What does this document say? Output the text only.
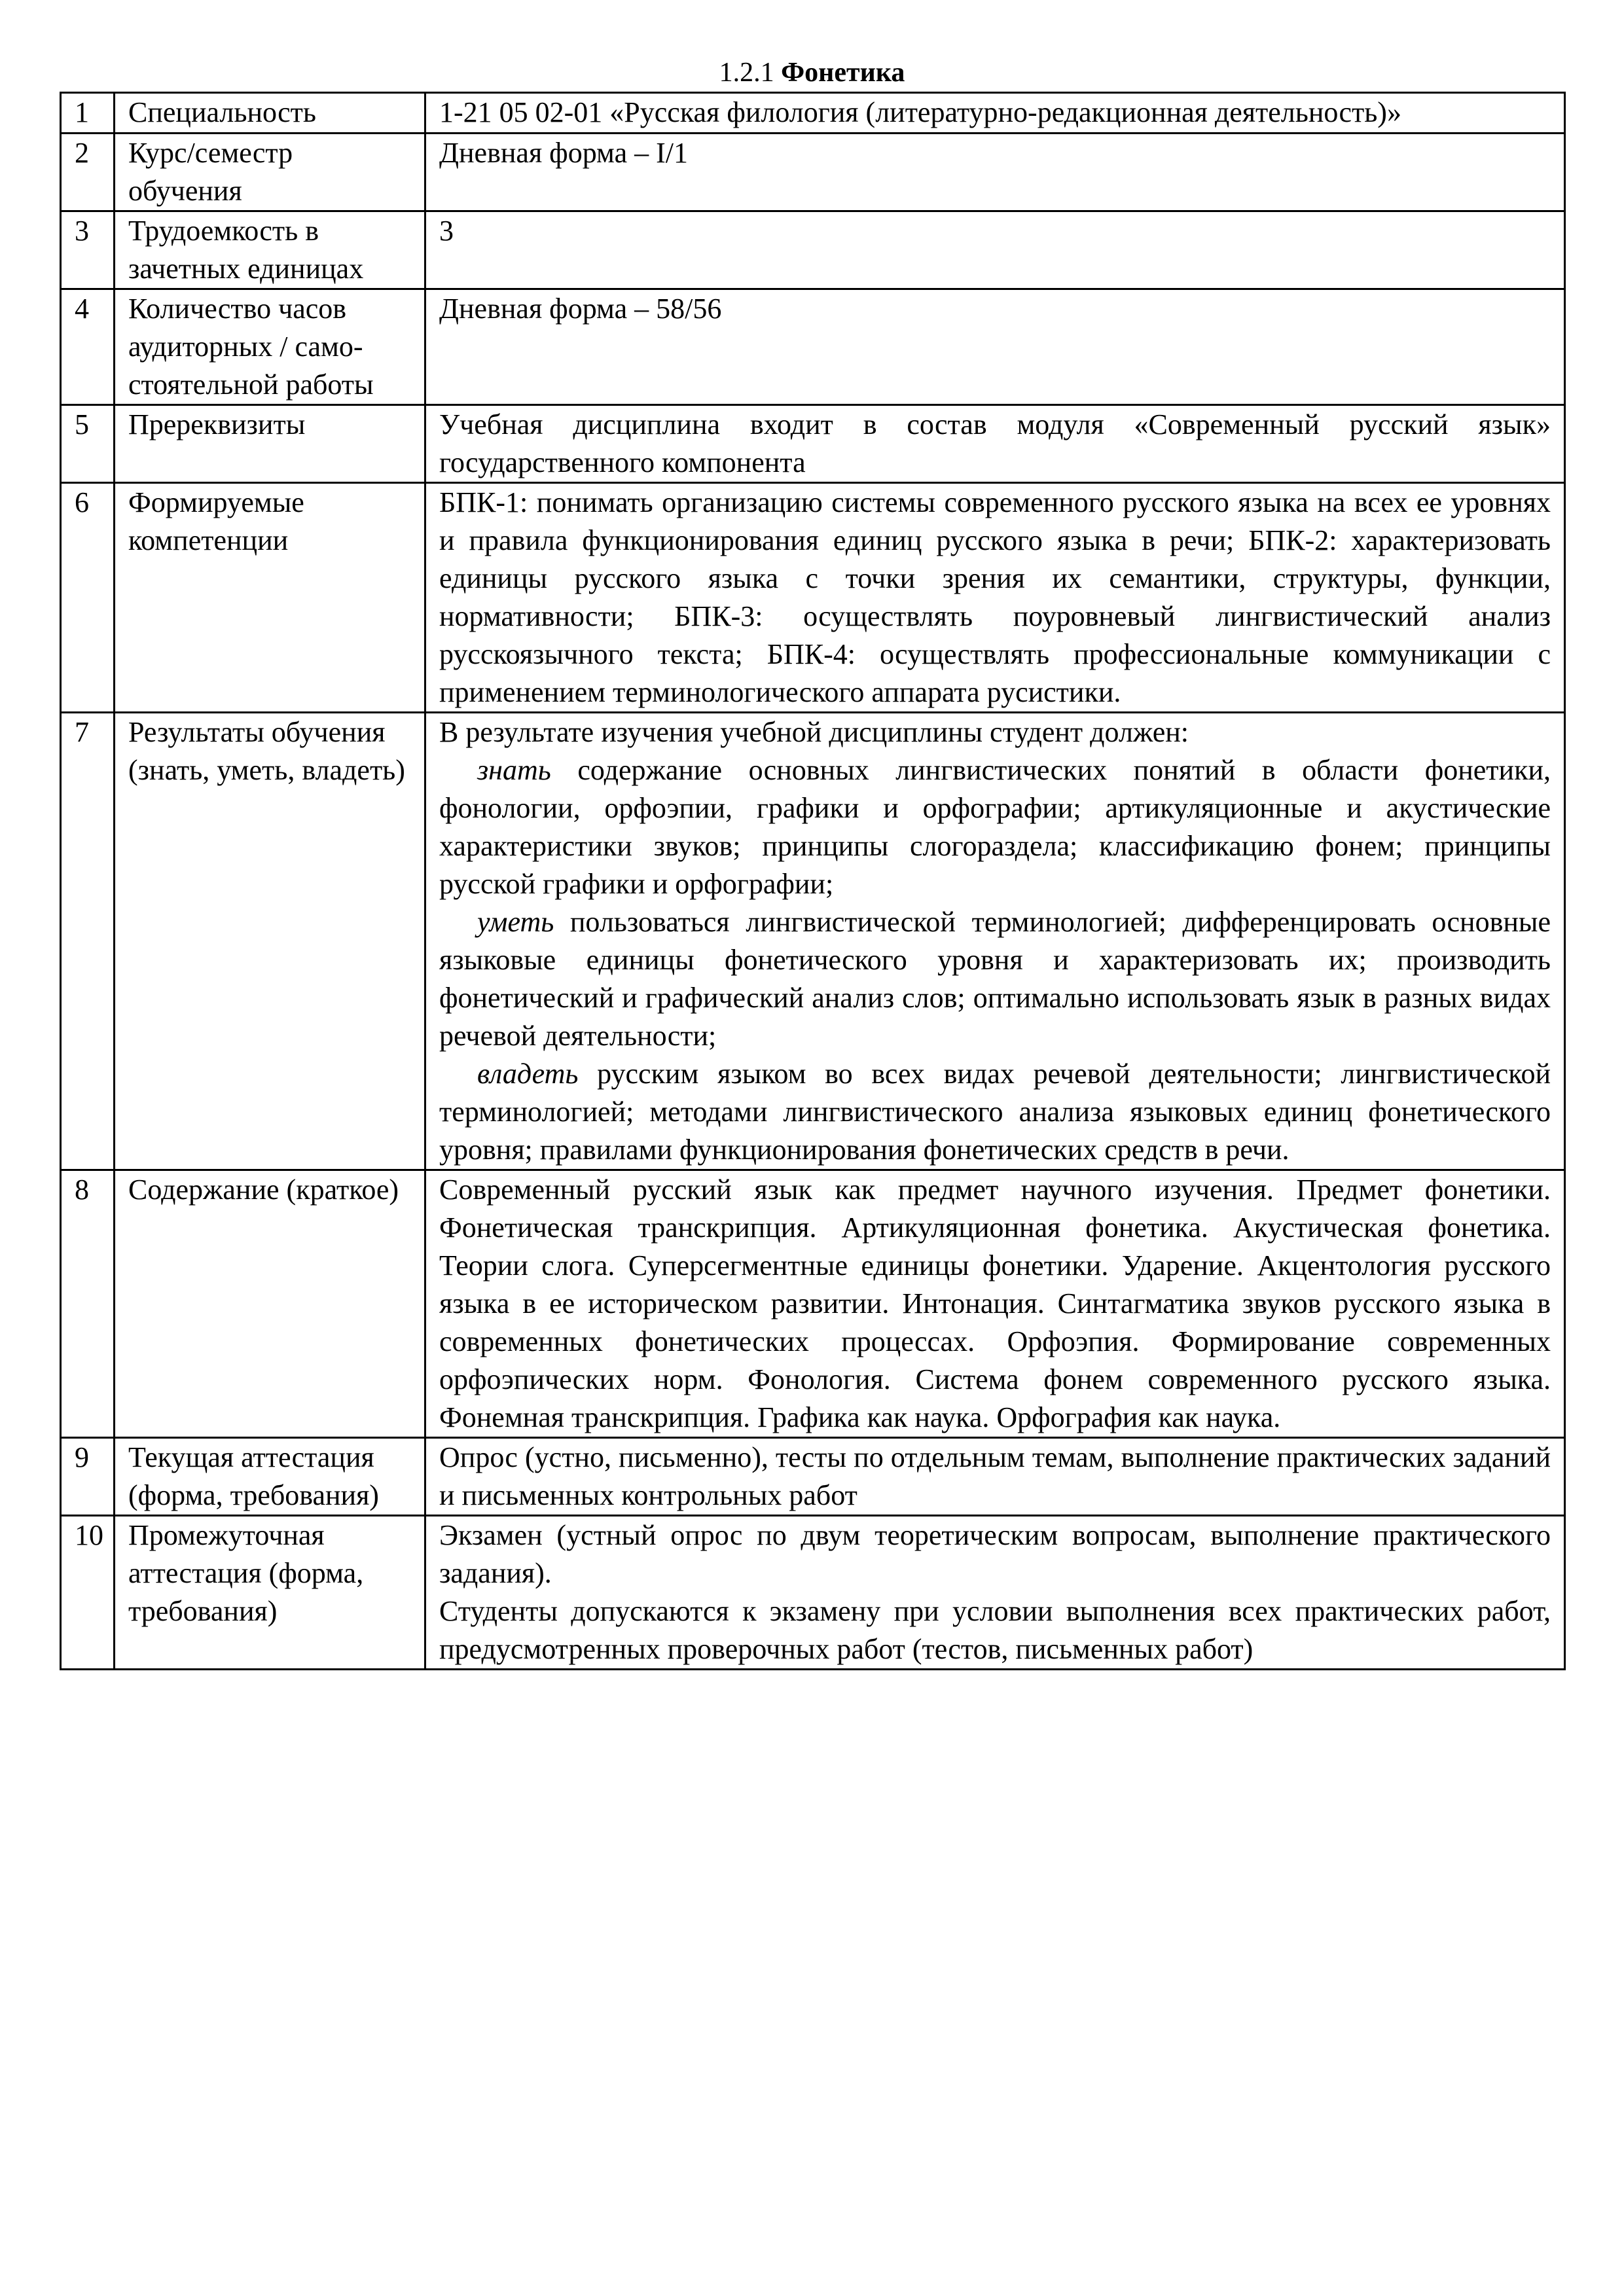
1.2.1 Фонетика
1	Специальность	1-21 05 02-01 «Русская филология (литературно-редакционная деятельность)»
2	Курс/семестр обучения	Дневная форма – I/1
3	Трудоемкость в зачетных единицах	3
4	Количество часов аудиторных / само-стоятельной работы	Дневная форма – 58/56
5	Пререквизиты	Учебная дисциплина входит в состав модуля «Современный русский язык» государственного компонента
6	Формируемые компетенции	БПК-1: понимать организацию системы современного русского языка на всех ее уровнях и правила функционирования единиц русского языка в речи; БПК-2: характеризовать единицы русского языка с точки зрения их семантики, структуры, функции, нормативности; БПК-3: осуществлять поуровневый лингвистический анализ русскоязычного текста; БПК-4: осуществлять профессиональные коммуникации с применением терминологического аппарата русистики.
7	Результаты обучения (знать, уметь, владеть)	В результате изучения учебной дисциплины студент должен:
знать содержание основных лингвистических понятий в области фонетики, фонологии, орфоэпии, графики и орфографии; артикуляционные и акустические характеристики звуков; принципы слогораздела; классификацию фонем; принципы русской графики и орфографии;
уметь пользоваться лингвистической терминологией; дифференцировать основные языковые единицы фонетического уровня и характеризовать их; производить фонетический и графический анализ слов; оптимально использовать язык в разных видах речевой деятельности;
владеть русским языком во всех видах речевой деятельности; лингвистической терминологией; методами лингвистического анализа языковых единиц фонетического уровня; правилами функционирования фонетических средств в речи.

8	Содержание (краткое)	Современный русский язык как предмет научного изучения. Предмет фонетики. Фонетическая транскрипция. Артикуляционная фонетика. Акустическая фонетика. Теории слога. Суперсегментные единицы фонетики. Ударение. Акцентология русского языка в ее историческом развитии. Интонация. Синтагматика звуков русского языка в современных фонетических процессах. Орфоэпия. Формирование современных орфоэпических норм. Фонология. Система фонем современного русского языка. Фонемная транскрипция. Графика как наука. Орфография как наука.
9	Текущая аттестация (форма, требования)	Опрос (устно, письменно), тесты по отдельным темам, выполнение практических заданий и письменных контрольных работ
10	Промежуточная аттестация (форма, требования)	Экзамен (устный опрос по двум теоретическим вопросам, выполнение практического задания).
Студенты допускаются к экзамену при условии выполнения всех практических работ, предусмотренных проверочных работ (тестов, письменных работ)
